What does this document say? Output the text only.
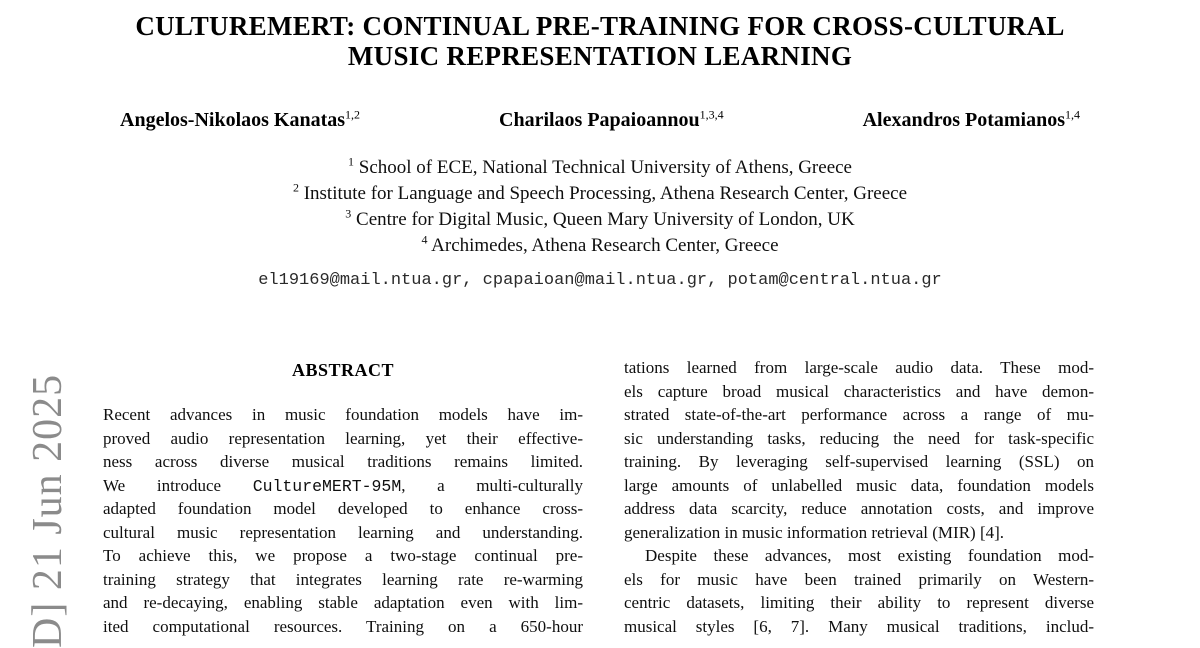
D] 21 Jun 2025
CULTUREMERT: CONTINUAL PRE-TRAINING FOR CROSS-CULTURAL
MUSIC REPRESENTATION LEARNING
Angelos-Nikolaos Kanatas$^{1,2}$	Charilaos Papaioannou$^{1,3,4}$	Alexandros Potamianos$^{1,4}$
$^1$ School of ECE, National Technical University of Athens, Greece
$^2$ Institute for Language and Speech Processing, Athena Research Center, Greece
$^3$ Centre for Digital Music, Queen Mary University of London, UK
$^4$ Archimedes, Athena Research Center, Greece
el19169@mail.ntua.gr, cpapaioan@mail.ntua.gr, potam@central.ntua.gr
ABSTRACT
Recent advances in music foundation models have im-
proved audio representation learning, yet their effective-
ness across diverse musical traditions remains limited.
We introduce CultureMERT-95M, a multi-culturally
adapted foundation model developed to enhance cross-
cultural music representation learning and understanding.
To achieve this, we propose a two-stage continual pre-
training strategy that integrates learning rate re-warming
and re-decaying, enabling stable adaptation even with lim-
ited computational resources. Training on a 650-hour
tations learned from large-scale audio data. These mod-
els capture broad musical characteristics and have demon-
strated state-of-the-art performance across a range of mu-
sic understanding tasks, reducing the need for task-specific
training. By leveraging self-supervised learning (SSL) on
large amounts of unlabelled music data, foundation models
address data scarcity, reduce annotation costs, and improve
generalization in music information retrieval (MIR) [4].
Despite these advances, most existing foundation mod-
els for music have been trained primarily on Western-
centric datasets, limiting their ability to represent diverse
musical styles [6, 7]. Many musical traditions, includ-
